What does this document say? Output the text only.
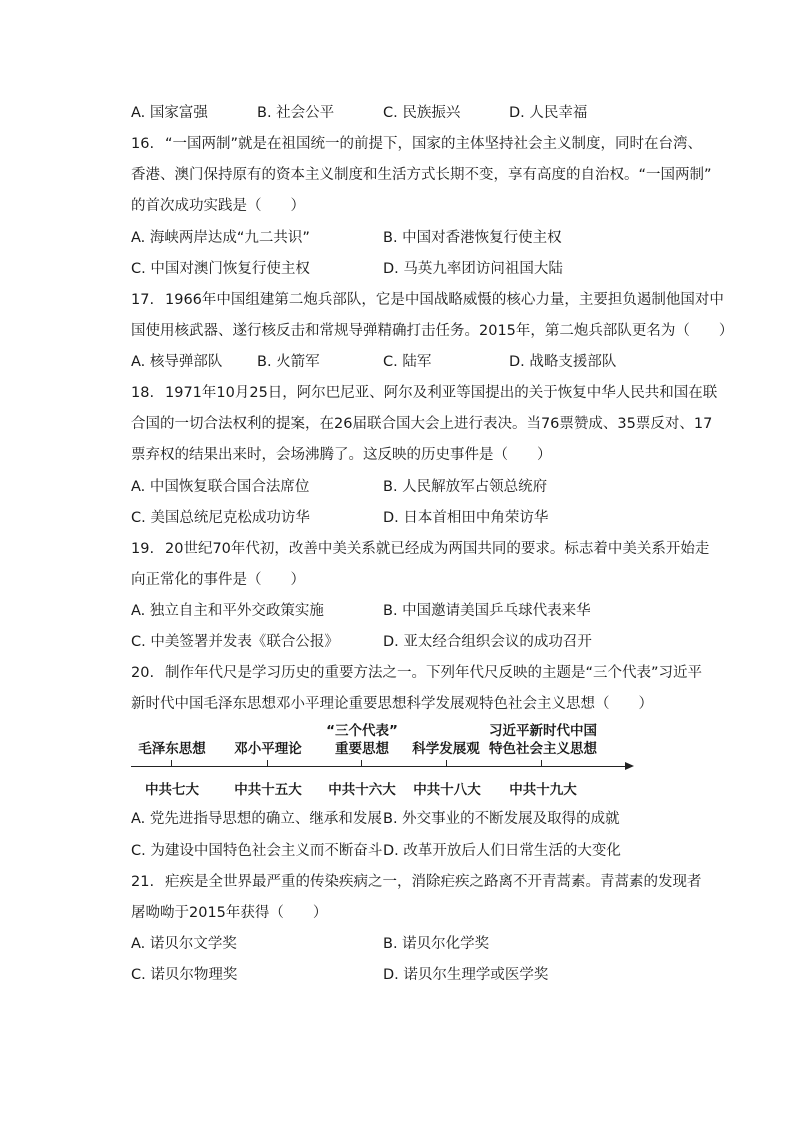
A. 国家富强	B. 社会公平	C. 民族振兴	D. 人民幸福
16. “一国两制”就是在祖国统一的前提下，国家的主体坚持社会主义制度，同时在台湾、
香港、澳门保持原有的资本主义制度和生活方式长期不变，享有高度的自治权。“一国两制”
的首次成功实践是（　　）
A. 海峡两岸达成“九二共识”	B. 中国对香港恢复行使主权
C. 中国对澳门恢复行使主权	D. 马英九率团访问祖国大陆
17. 1966年中国组建第二炮兵部队，它是中国战略威慑的核心力量，主要担负遏制他国对中
国使用核武器、遂行核反击和常规导弹精确打击任务。2015年，第二炮兵部队更名为（　　）
A. 核导弹部队 B. 火箭军	C. 陆军	D. 战略支援部队
18. 1971年10月25日，阿尔巴尼亚、阿尔及利亚等国提出的关于恢复中华人民共和国在联
合国的一切合法权利的提案，在26届联合国大会上进行表决。当76票赞成、35票反对、17
票弃权的结果出来时，会场沸腾了。这反映的历史事件是（　　）
A. 中国恢复联合国合法席位	B. 人民解放军占领总统府
C. 美国总统尼克松成功访华	D. 日本首相田中角荣访华
19. 20世纪70年代初，改善中美关系就已经成为两国共同的要求。标志着中美关系开始走
向正常化的事件是（　　）
A. 独立自主和平外交政策实施	B. 中国邀请美国乒乓球代表来华
C. 中美签署并发表《联合公报》	D. 亚太经合组织会议的成功召开
20. 制作年代尺是学习历史的重要方法之一。下列年代尺反映的主题是“三个代表”习近平
新时代中国毛泽东思想邓小平理论重要思想科学发展观特色社会主义思想（　　）
毛泽东思想 邓小平理论
“三个代表”
重要思想	科学发展观
习近平新时代中国
特色社会主义思想
中共七大	中共十五大 中共十六大 中共十八大 中共十九大
A. 党先进指导思想的确立、继承和发展 B. 外交事业的不断发展及取得的成就
C. 为建设中国特色社会主义而不断奋斗 D. 改革开放后人们日常生活的大变化
21. 疟疾是全世界最严重的传染疾病之一，消除疟疾之路离不开青蒿素。青蒿素的发现者
屠呦呦于2015年获得（　　）
A. 诺贝尔文学奖	B. 诺贝尔化学奖
C. 诺贝尔物理奖	D. 诺贝尔生理学或医学奖
